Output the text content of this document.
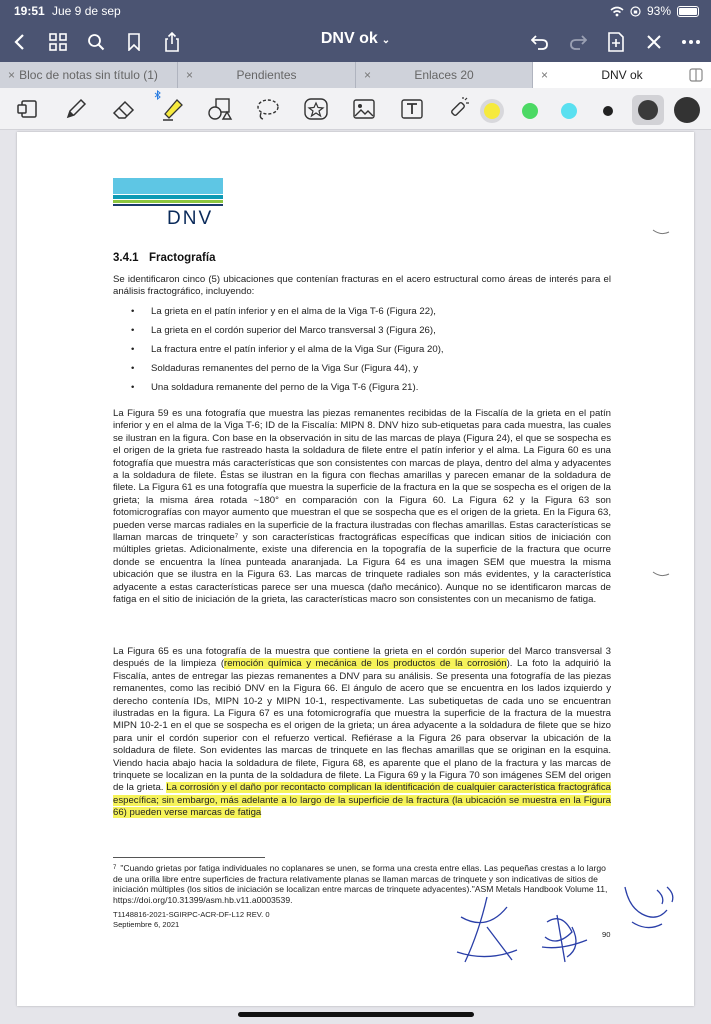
19:51 Jue 9 de sep	93%
DNV ok ⌄
× Bloc de notas sin título (1) ×	Pendientes	×	Enlaces 20	×	DNV ok
DNV
3.4.1 Fractografía
Se identificaron cinco (5) ubicaciones que contenían fracturas en el acero estructural como áreas de interés para el análisis fractográfico, incluyendo:
• La grieta en el patín inferior y en el alma de la Viga T-6 (Figura 22),
• La grieta en el cordón superior del Marco transversal 3 (Figura 26),
• La fractura entre el patín inferior y el alma de la Viga Sur (Figura 20),
• Soldaduras remanentes del perno de la Viga Sur (Figura 44), y
• Una soldadura remanente del perno de la Viga T-6 (Figura 21).
La Figura 59 es una fotografía que muestra las piezas remanentes recibidas de la Fiscalía de la grieta en el patín inferior y en el alma de la Viga T-6; ID de la Fiscalía: MIPN 8. DNV hizo sub-etiquetas para cada muestra, las cuales se ilustran en la figura. Con base en la observación in situ de las marcas de playa (Figura 24), el que se sospecha es el origen de la grieta fue rastreado hasta la soldadura de filete entre el patín inferior y el alma. La Figura 60 es una fotografía que muestra más características que son consistentes con marcas de playa, dentro del alma y adyacentes a la soldadura de filete. Éstas se ilustran en la figura con flechas amarillas y parecen emanar de la soldadura de filete. La Figura 61 es una fotografía que muestra la superficie de la fractura en la que se sospecha es el origen de la grieta; la misma área rotada ~180° en comparación con la Figura 60. La Figura 62 y la Figura 63 son fotomicrografías con mayor aumento que muestran el que se sospecha que es el origen de la grieta. En la Figura 63, pueden verse marcas radiales en la superficie de la fractura ilustradas con flechas amarillas. Estas características se llaman marcas de trinquete⁷ y son características fractográficas específicas que indican sitios de iniciación con múltiples grietas. Adicionalmente, existe una diferencia en la topografía de la superficie de la fractura que ocurre donde se encuentra la línea punteada anaranjada. La Figura 64 es una imagen SEM que muestra la misma ubicación que se ilustra en la Figura 63. Las marcas de trinquete radiales son más evidentes, y la característica adyacente a estas características parece ser una muesca (daño mecánico). Aunque no se identificaron marcas de fatiga en el sitio de iniciación de la grieta, las características macro son consistentes con un mecanismo de fatiga.
La Figura 65 es una fotografía de la muestra que contiene la grieta en el cordón superior del Marco transversal 3 después de la limpieza (remoción química y mecánica de los productos de la corrosión). La foto la adquirió la Fiscalía, antes de entregar las piezas remanentes a DNV para su análisis. Se presenta una fotografía de las piezas remanentes, como las recibió DNV en la Figura 66. El ángulo de acero que se encuentra en los lados izquierdo y derecho contenía IDs, MIPN 10-2 y MIPN 10-1, respectivamente. Las subetiquetas de cada uno se encuentran ilustradas en la figura. La Figura 67 es una fotomicrografía que muestra la superficie de la fractura de la muestra MIPN 10-2-1 en el que se sospecha es el origen de la grieta; un área adyacente a la soldadura de filete que se hizo para unir el cordón superior con el refuerzo vertical. Refiérase a la Figura 26 para observar la ubicación de la soldadura de filete. Son evidentes las marcas de trinquete en las flechas amarillas que se originan en la esquina. Viendo hacia abajo hacia la soldadura de filete, Figura 68, es aparente que el plano de la fractura y las marcas de trinquete se localizan en la punta de la soldadura de filete. La Figura 69 y la Figura 70 son imágenes SEM del origen de la grieta. La corrosión y el daño por recontacto complican la identificación de cualquier característica fractográfica específica; sin embargo, más adelante a lo largo de la superficie de la fractura (la ubicación se muestra en la Figura 66) pueden verse marcas de fatiga
$^7$ "Cuando grietas por fatiga individuales no coplanares se unen, se forma una cresta entre ellas. Las pequeñas crestas a lo largo de una orilla libre entre superficies de fractura relativamente planas se llaman marcas de trinquete y son indicativas de sitios de iniciación múltiples (los sitios de iniciación se localizan entre marcas de trinquete adyacentes)."ASM Metals Handbook Volume 11, https://doi.org/10.31399/asm.hb.v11.a0003539.
T1148816-2021-SGIRPC-ACR-DF-L12 REV. 0
Septiembre 6, 2021
90
